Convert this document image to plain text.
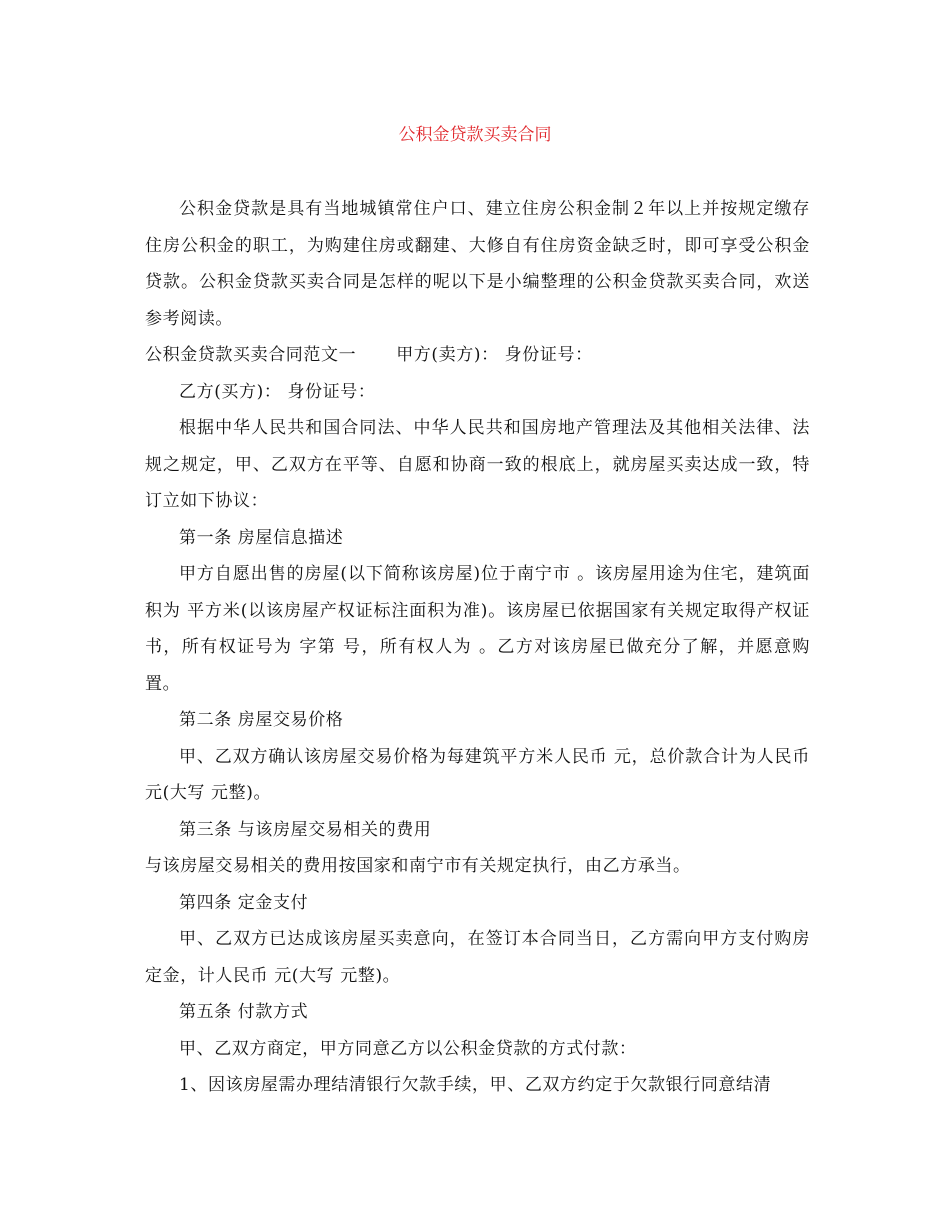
公积金贷款买卖合同

公积金贷款是具有当地城镇常住户口、建立住房公积金制２年以上并按规定缴存住房公积金的职工，为购建住房或翻建、大修自有住房资金缺乏时，即可享受公积金贷款。公积金贷款买卖合同是怎样的呢以下是小编整理的公积金贷款买卖合同，欢送参考阅读。

公积金贷款买卖合同范文一 甲方(卖方)： 身份证号：

乙方(买方)： 身份证号：

根据中华人民共和国合同法、中华人民共和国房地产管理法及其他相关法律、法规之规定，甲、乙双方在平等、自愿和协商一致的根底上，就房屋买卖达成一致，特订立如下协议：

第一条 房屋信息描述

甲方自愿出售的房屋(以下简称该房屋)位于南宁市 。该房屋用途为住宅，建筑面积为 平方米(以该房屋产权证标注面积为准)。该房屋已依据国家有关规定取得产权证书，所有权证号为 字第 号，所有权人为 。乙方对该房屋已做充分了解，并愿意购置。

第二条 房屋交易价格

甲、乙双方确认该房屋交易价格为每建筑平方米人民币 元，总价款合计为人民币 元(大写 元整)。

第三条 与该房屋交易相关的费用

与该房屋交易相关的费用按国家和南宁市有关规定执行，由乙方承当。

第四条 定金支付

甲、乙双方已达成该房屋买卖意向，在签订本合同当日，乙方需向甲方支付购房定金，计人民币 元(大写 元整)。

第五条 付款方式

甲、乙双方商定，甲方同意乙方以公积金贷款的方式付款：

1、因该房屋需办理结清银行欠款手续，甲、乙双方约定于欠款银行同意结清
